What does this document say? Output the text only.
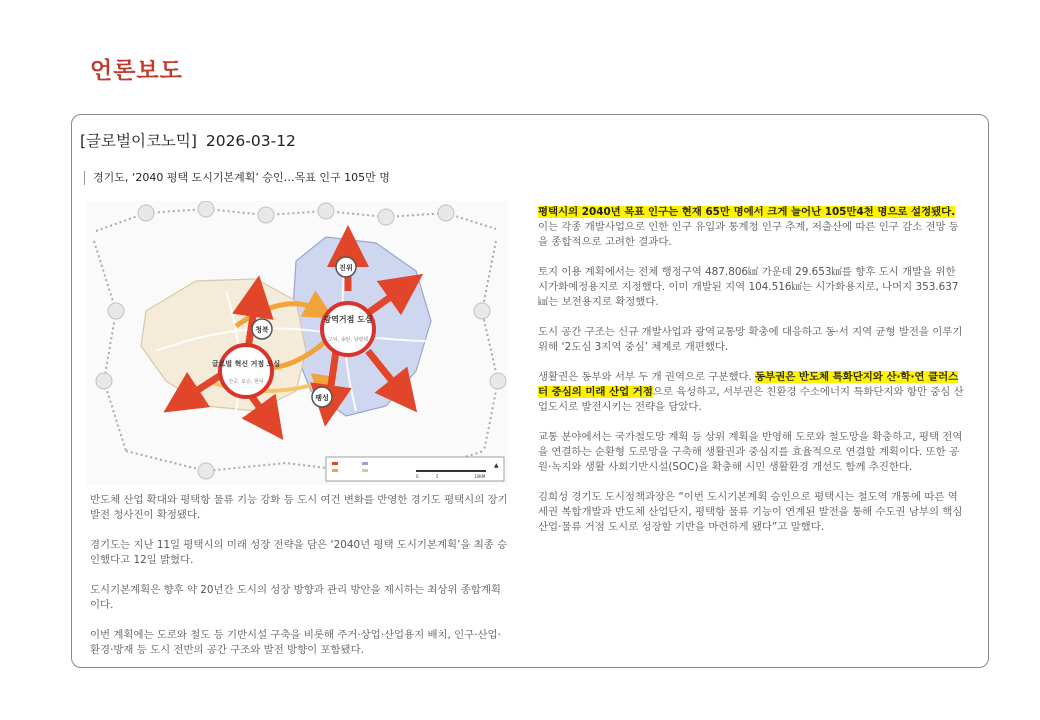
언론보도
[글로벌이코노믹] 2026-03-12
경기도, ‘2040 평택 도시기본계획’ 승인…목표 인구 105만 명
광역거점 도심
고덕, 송탄, 남평택
글로벌 혁신 거점 도심
안중, 포승, 현덕
진위
청북
팽성
0	5	10KM
▲

반도체 산업 확대와 평택항 물류 기능 강화 등 도시 여건 변화를 반영한 경기도 평택시의 장기 발전 청사진이 확정됐다.

경기도는 지난 11일 평택시의 미래 성장 전략을 담은 ‘2040년 평택 도시기본계획’을 최종 승인했다고 12일 밝혔다.

도시기본계획은 향후 약 20년간 도시의 성장 방향과 관리 방안을 제시하는 최상위 종합계획이다.

이번 계획에는 도로와 철도 등 기반시설 구축을 비롯해 주거·상업·산업용지 배치, 인구·산업·환경·방재 등 도시 전반의 공간 구조와 발전 방향이 포함됐다.

평택시의 2040년 목표 인구는 현재 65만 명에서 크게 늘어난 105만4천 명으로 설정됐다. 이는 각종 개발사업으로 인한 인구 유입과 통계청 인구 추계, 저출산에 따른 인구 감소 전망 등을 종합적으로 고려한 결과다.

토지 이용 계획에서는 전체 행정구역 487.806㎢ 가운데 29.653㎢를 향후 도시 개발을 위한 시가화예정용지로 지정했다. 이미 개발된 지역 104.516㎢는 시가화용지로, 나머지 353.637㎢는 보전용지로 확정했다.

도시 공간 구조는 신규 개발사업과 광역교통망 확충에 대응하고 동·서 지역 균형 발전을 이루기 위해 ‘2도심 3지역 중심’ 체계로 개편했다.

생활권은 동부와 서부 두 개 권역으로 구분했다. 동부권은 반도체 특화단지와 산·학·연 클러스터 중심의 미래 산업 거점으로 육성하고, 서부권은 친환경 수소에너지 특화단지와 항만 중심 산업도시로 발전시키는 전략을 담았다.

교통 분야에서는 국가철도망 계획 등 상위 계획을 반영해 도로와 철도망을 확충하고, 평택 전역을 연결하는 순환형 도로망을 구축해 생활권과 중심지를 효율적으로 연결할 계획이다. 또한 공원·녹지와 생활 사회기반시설(SOC)을 확충해 시민 생활환경 개선도 함께 추진한다.

김희성 경기도 도시정책과장은 “이번 도시기본계획 승인으로 평택시는 철도역 개통에 따른 역세권 복합개발과 반도체 산업단지, 평택항 물류 기능이 연계된 발전을 통해 수도권 남부의 핵심 산업·물류 거점 도시로 성장할 기반을 마련하게 됐다”고 말했다.
